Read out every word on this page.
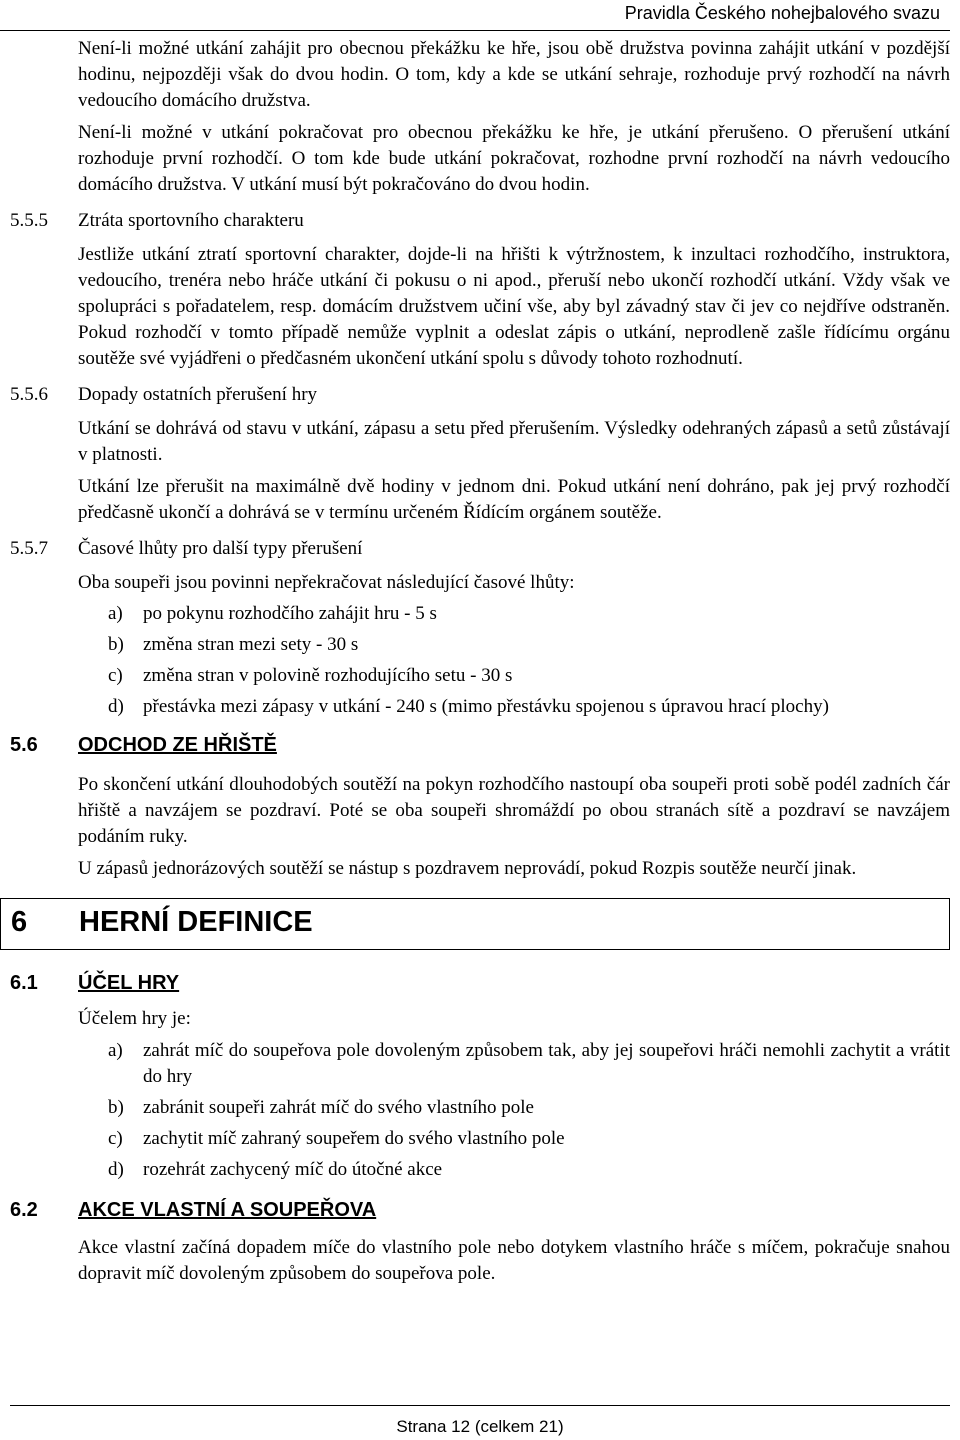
Pravidla Českého nohejbalového svazu

Není-li možné utkání zahájit pro obecnou překážku ke hře, jsou obě družstva povinna zahájit utkání v pozdější hodinu, nejpozději však do dvou hodin. O tom, kdy a kde se utkání sehraje, rozhoduje prvý rozhodčí na návrh vedoucího domácího družstva.

Není-li možné v utkání pokračovat pro obecnou překážku ke hře, je utkání přerušeno. O přerušení utkání rozhoduje první rozhodčí. O tom kde bude utkání pokračovat, rozhodne první rozhodčí na návrh vedoucího domácího družstva. V utkání musí být pokračováno do dvou hodin.

5.5.5 Ztráta sportovního charakteru

Jestliže utkání ztratí sportovní charakter, dojde-li na hřišti k výtržnostem, k inzultaci rozhodčího, instruktora, vedoucího, trenéra nebo hráče utkání či pokusu o ni apod., přeruší nebo ukončí rozhodčí utkání. Vždy však ve spolupráci s pořadatelem, resp. domácím družstvem učiní vše, aby byl závadný stav či jev co nejdříve odstraněn. Pokud rozhodčí v tomto případě nemůže vyplnit a odeslat zápis o utkání, neprodleně zašle řídícímu orgánu soutěže své vyjádřeni o předčasném ukončení utkání spolu s důvody tohoto rozhodnutí.

5.5.6 Dopady ostatních přerušení hry

Utkání se dohrává od stavu v utkání, zápasu a setu před přerušením. Výsledky odehraných zápasů a setů zůstávají v platnosti.

Utkání lze přerušit na maximálně dvě hodiny v jednom dni. Pokud utkání není dohráno, pak jej prvý rozhodčí předčasně ukončí a dohrává se v termínu určeném Řídícím orgánem soutěže.

5.5.7 Časové lhůty pro další typy přerušení

Oba soupeři jsou povinni nepřekračovat následující časové lhůty:

a) po pokynu rozhodčího zahájit hru - 5 s
b) změna stran mezi sety - 30 s
c) změna stran v polovině rozhodujícího setu - 30 s
d) přestávka mezi zápasy v utkání - 240 s (mimo přestávku spojenou s úpravou hrací plochy)
5.6 ODCHOD ZE HŘIŠTĚ

Po skončení utkání dlouhodobých soutěží na pokyn rozhodčího nastoupí oba soupeři proti sobě podél zadních čár hřiště a navzájem se pozdraví. Poté se oba soupeři shromáždí po obou stranách sítě a pozdraví se navzájem podáním ruky.

U zápasů jednorázových soutěží se nástup s pozdravem neprovádí, pokud Rozpis soutěže neurčí jinak.

6 HERNÍ DEFINICE
6.1 ÚČEL HRY

Účelem hry je:

a) zahrát míč do soupeřova pole dovoleným způsobem tak, aby jej soupeřovi hráči nemohli zachytit a vrátit do hry
b) zabránit soupeři zahrát míč do svého vlastního pole
c) zachytit míč zahraný soupeřem do svého vlastního pole
d) rozehrát zachycený míč do útočné akce
6.2 AKCE VLASTNÍ A SOUPEŘOVA

Akce vlastní začíná dopadem míče do vlastního pole nebo dotykem vlastního hráče s míčem, pokračuje snahou dopravit míč dovoleným způsobem do soupeřova pole.

Strana 12 (celkem 21)
